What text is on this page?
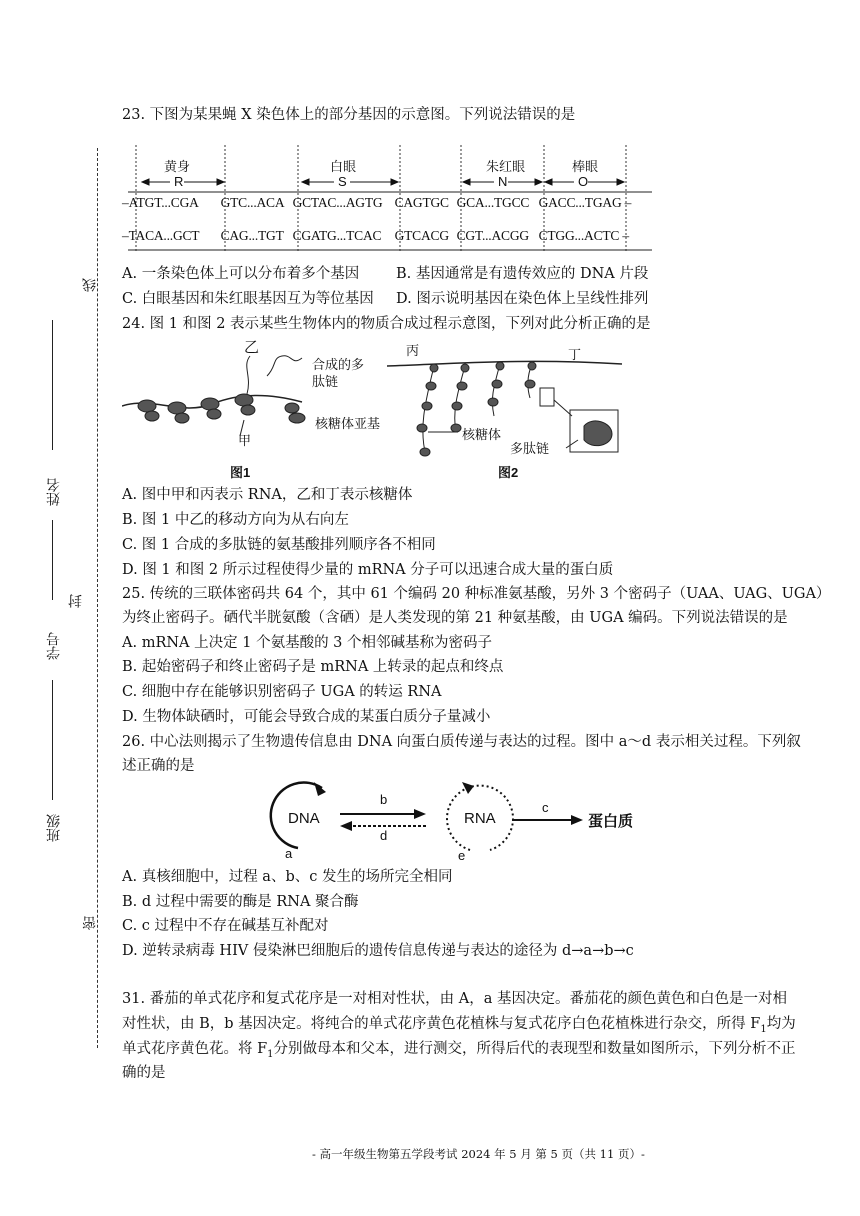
线
姓名
封
学号
班级
密
23. 下图为某果蝇 X 染色体上的部分基因的示意图。下列说法错误的是
黄身	白眼	朱红眼	棒眼
R	S	N	O
–ATGT...CGA GTC...ACA GCTAC...AGTG CAGTGC GCA...TGCC GACC...TGAG –
–TACA...GCT CAG...TGT CGATG...TCAC GTCACG CGT...ACGG CTGG...ACTC –
A. 一条染色体上可以分布着多个基因	B. 基因通常是有遗传效应的 DNA 片段
C. 白眼基因和朱红眼基因互为等位基因 D. 图示说明基因在染色体上呈线性排列
24. 图 1 和图 2 表示某些生物体内的物质合成过程示意图，下列对此分析正确的是
乙
合成的多肽链
核糖体亚基
甲
图1
丙	丁
核糖体
多肽链
图2
A. 图中甲和丙表示 RNA，乙和丁表示核糖体
B. 图 1 中乙的移动方向为从右向左
C. 图 1 合成的多肽链的氨基酸排列顺序各不相同
D. 图 1 和图 2 所示过程使得少量的 mRNA 分子可以迅速合成大量的蛋白质
25. 传统的三联体密码共 64 个，其中 61 个编码 20 种标准氨基酸，另外 3 个密码子（UAA、UAG、UGA）
为终止密码子。硒代半胱氨酸（含硒）是人类发现的第 21 种氨基酸，由 UGA 编码。下列说法错误的是
A. mRNA 上决定 1 个氨基酸的 3 个相邻碱基称为密码子
B. 起始密码子和终止密码子是 mRNA 上转录的起点和终点
C. 细胞中存在能够识别密码子 UGA 的转运 RNA
D. 生物体缺硒时，可能会导致合成的某蛋白质分子量减小
26. 中心法则揭示了生物遗传信息由 DNA 向蛋白质传递与表达的过程。图中 a～d 表示相关过程。下列叙
述正确的是
DNA	RNA	蛋白质
b
d
c
a	e
A. 真核细胞中，过程 a、b、c 发生的场所完全相同
B. d 过程中需要的酶是 RNA 聚合酶
C. c 过程中不存在碱基互补配对
D. 逆转录病毒 HIV 侵染淋巴细胞后的遗传信息传递与表达的途径为 d→a→b→c
31. 番茄的单式花序和复式花序是一对相对性状，由 A，a 基因决定。番茄花的颜色黄色和白色是一对相
对性状，由 B，b 基因决定。将纯合的单式花序黄色花植株与复式花序白色花植株进行杂交，所得 $F_1$均为
单式花序黄色花。将 $F_1$分别做母本和父本，进行测交，所得后代的表现型和数量如图所示，下列分析不正
确的是
- 高一年级生物第五学段考试 2024 年 5 月 第 5 页（共 11 页）-
